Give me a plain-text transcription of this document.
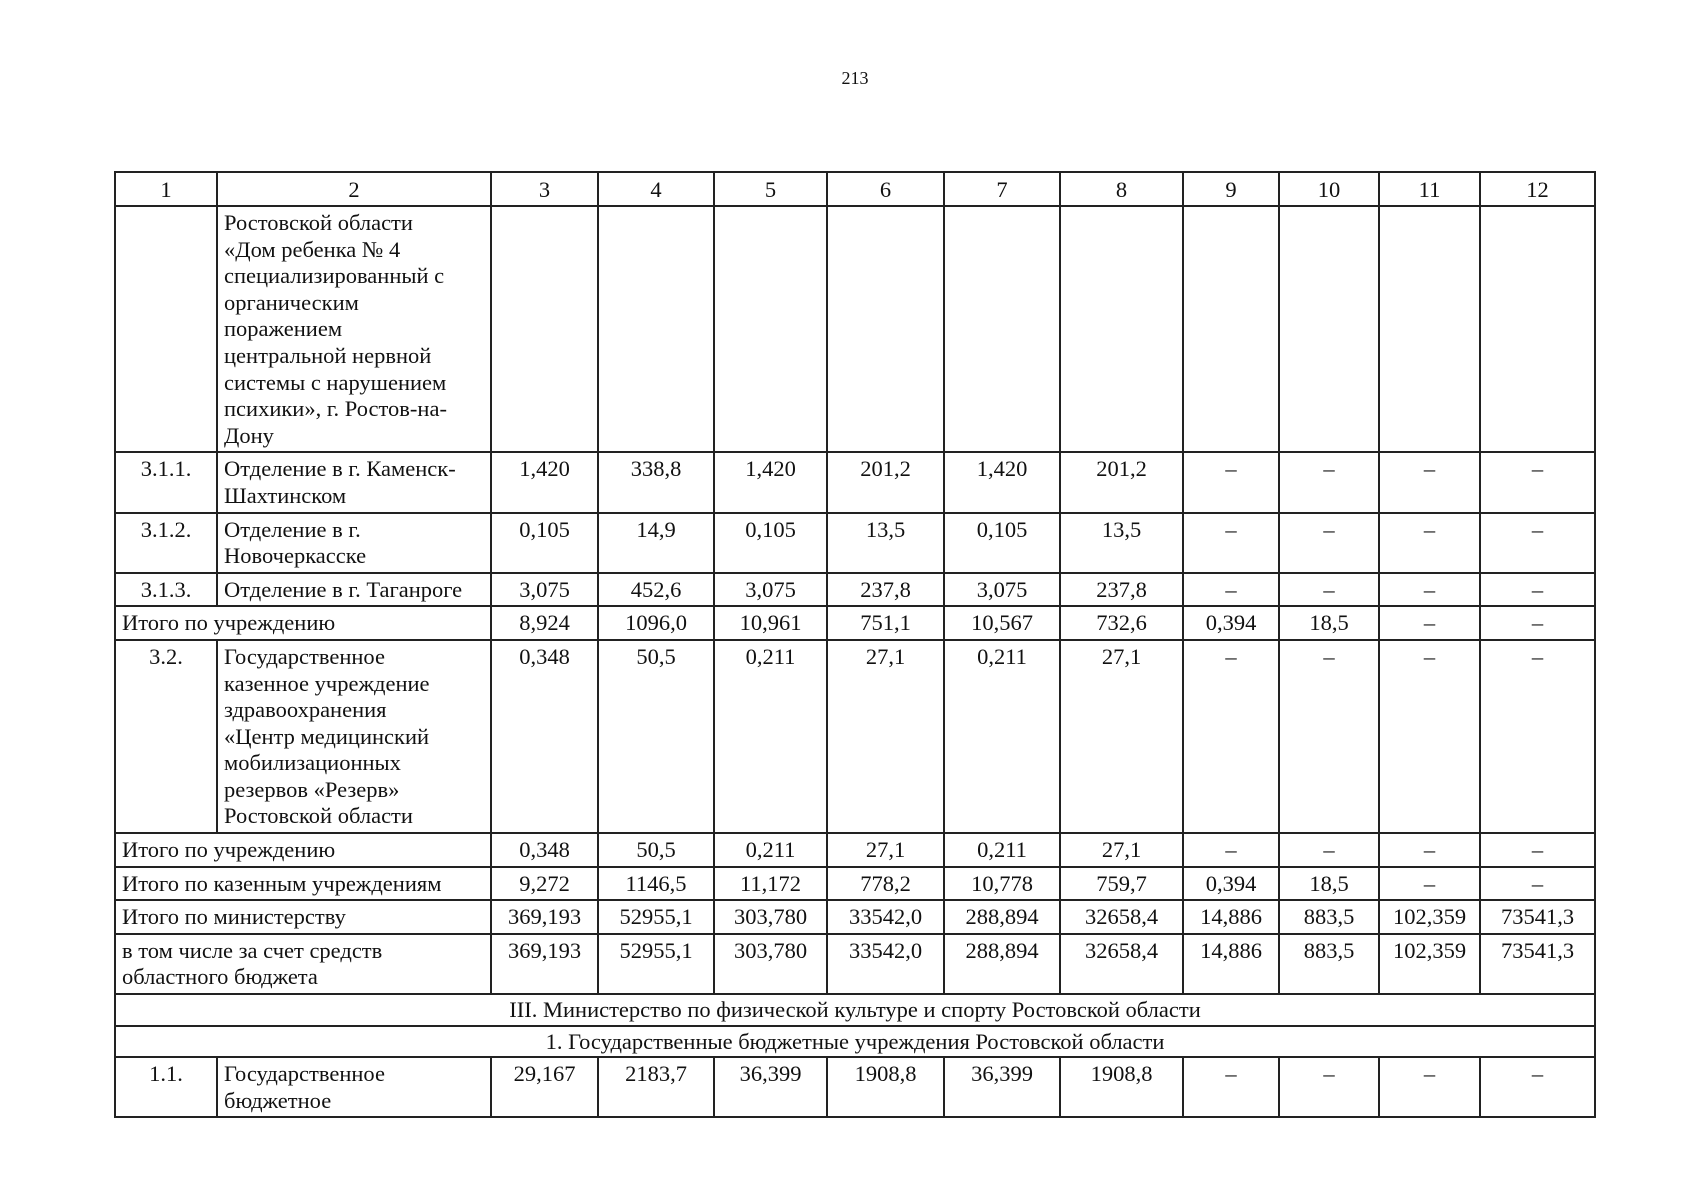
213
1	2	3	4	5	6	7	8	9	10	11	12
	Ростовской области «Дом ребенка № 4 специализированный с органическим поражением центральной нервной системы с нарушением психики», г. Ростов-на-Дону										
3.1.1.	Отделение в г. Каменск-Шахтинском	1,420	338,8	1,420	201,2	1,420	201,2	–	–	–	–
3.1.2.	Отделение в г. Новочеркасске	0,105	14,9	0,105	13,5	0,105	13,5	–	–	–	–
3.1.3.	Отделение в г. Таганроге	3,075	452,6	3,075	237,8	3,075	237,8	–	–	–	–
Итого по учреждению		8,924	1096,0	10,961	751,1	10,567	732,6	0,394	18,5	–	–
3.2.	Государственное казенное учреждение здравоохранения «Центр медицинский мобилизационных резервов «Резерв» Ростовской области	0,348	50,5	0,211	27,1	0,211	27,1	–	–	–	–
Итого по учреждению		0,348	50,5	0,211	27,1	0,211	27,1	–	–	–	–
Итого по казенным учреждениям		9,272	1146,5	11,172	778,2	10,778	759,7	0,394	18,5	–	–
Итого по министерству		369,193	52955,1	303,780	33542,0	288,894	32658,4	14,886	883,5	102,359	73541,3
в том числе за счет средств областного бюджета		369,193	52955,1	303,780	33542,0	288,894	32658,4	14,886	883,5	102,359	73541,3
III. Министерство по физической культуре и спорту Ростовской области											
1. Государственные бюджетные учреждения Ростовской области											
1.1.	Государственное бюджетное	29,167	2183,7	36,399	1908,8	36,399	1908,8	–	–	–	–
